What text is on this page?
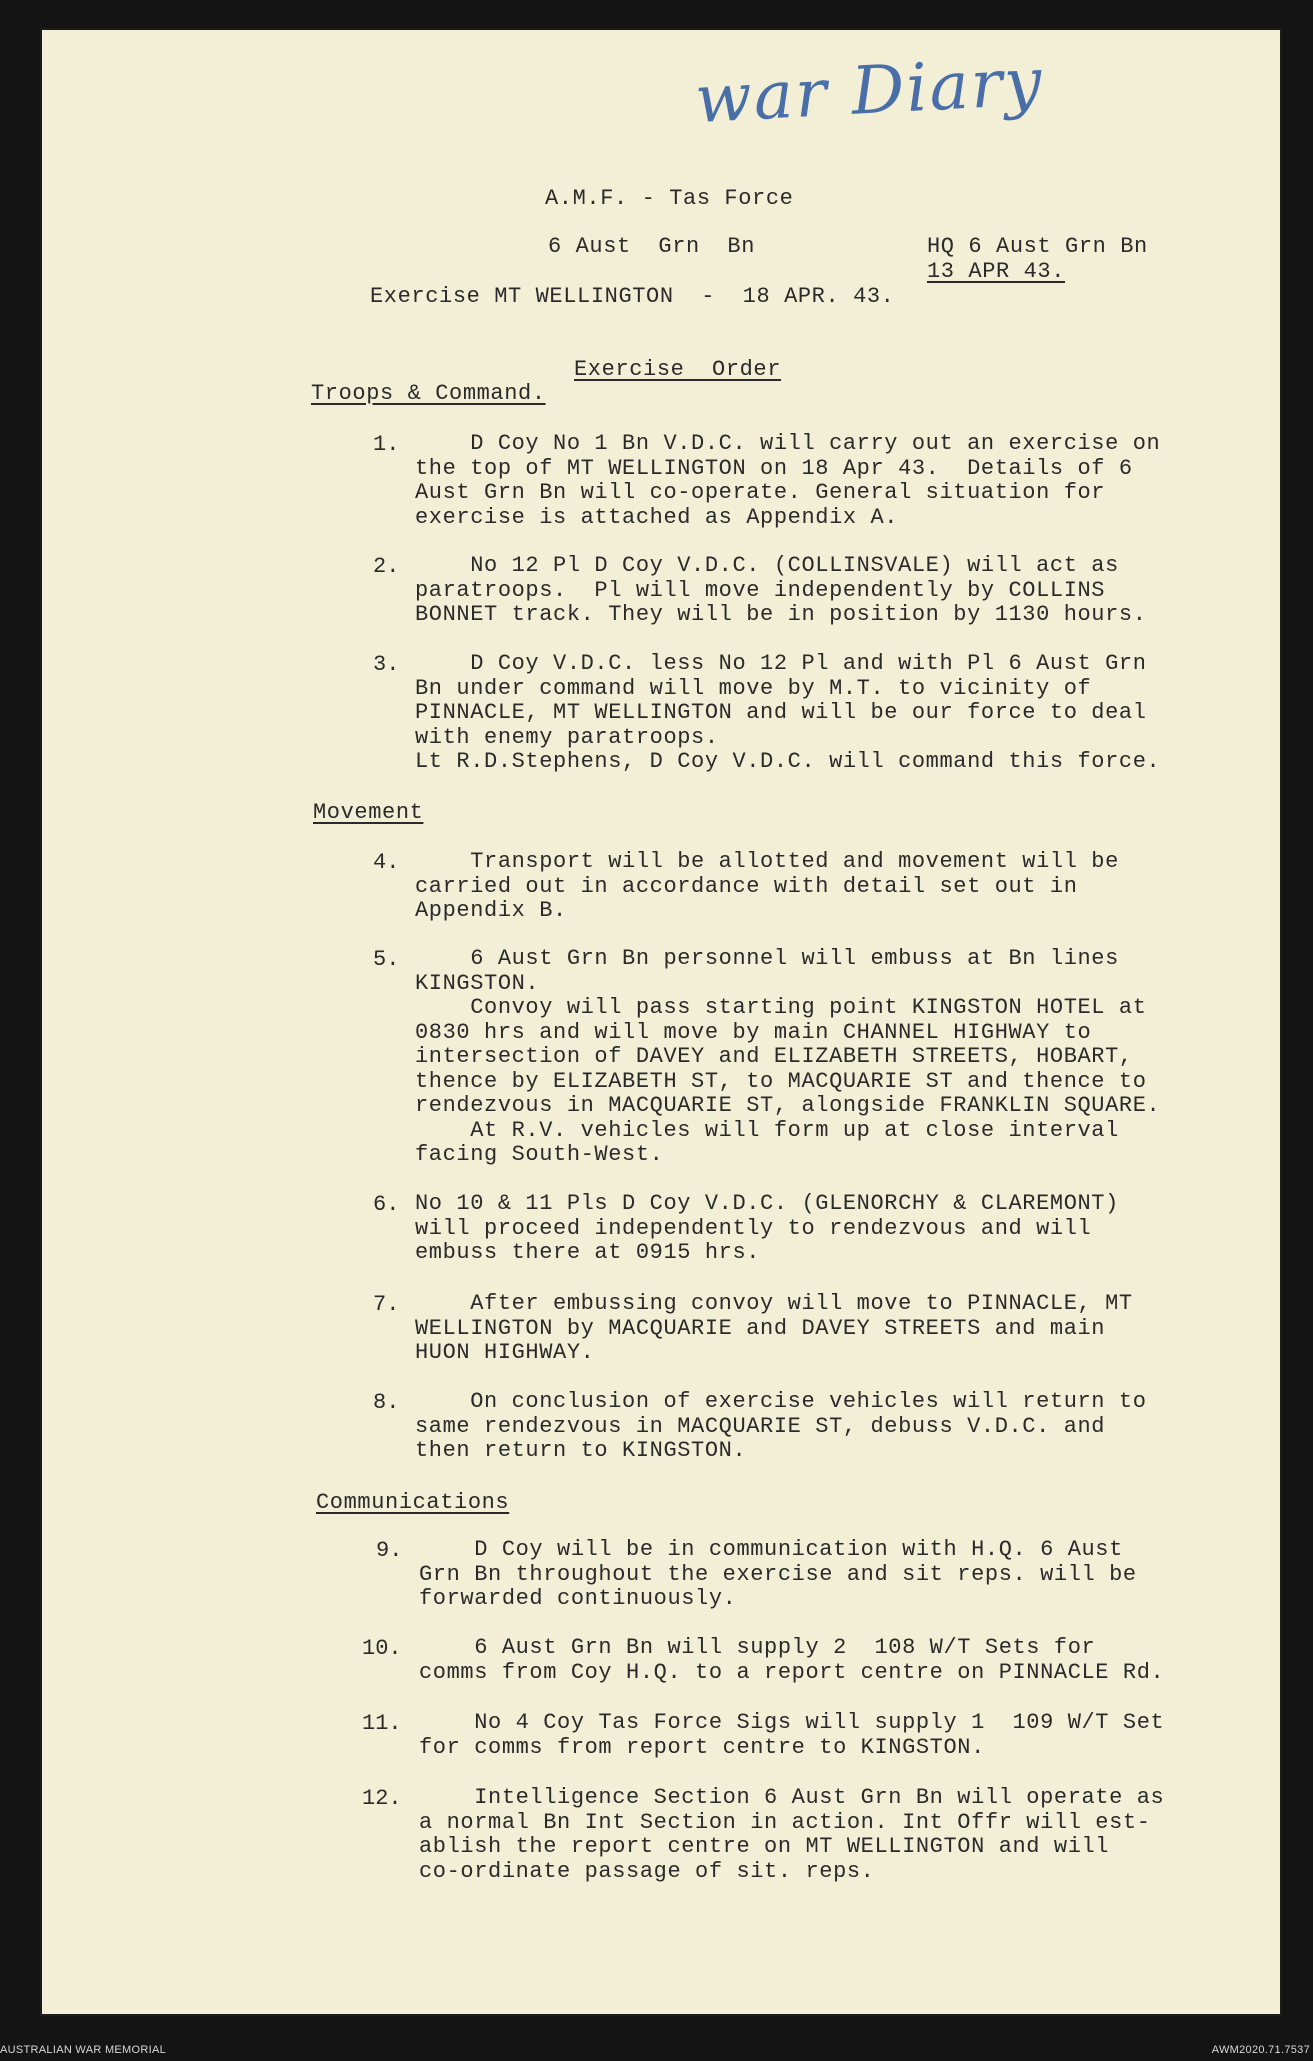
war Diary
A.M.F. - Tas Force
6 Aust  Grn  Bn	HQ 6 Aust Grn Bn
13 APR 43.
Exercise MT WELLINGTON  -  18 APR. 43.
Exercise  Order
Troops & Command.
1.	D Coy No 1 Bn V.D.C. will carry out an exercise on
the top of MT WELLINGTON on 18 Apr 43.  Details of 6
Aust Grn Bn will co-operate. General situation for
exercise is attached as Appendix A.
2.	No 12 Pl D Coy V.D.C. (COLLINSVALE) will act as
paratroops.  Pl will move independently by COLLINS
BONNET track. They will be in position by 1130 hours.
3.	D Coy V.D.C. less No 12 Pl and with Pl 6 Aust Grn
Bn under command will move by M.T. to vicinity of
PINNACLE, MT WELLINGTON and will be our force to deal
with enemy paratroops.
Lt R.D.Stephens, D Coy V.D.C. will command this force.
Movement
4.	Transport will be allotted and movement will be
carried out in accordance with detail set out in
Appendix B.
5.	6 Aust Grn Bn personnel will embuss at Bn lines
KINGSTON.
Convoy will pass starting point KINGSTON HOTEL at
0830 hrs and will move by main CHANNEL HIGHWAY to
intersection of DAVEY and ELIZABETH STREETS, HOBART,
thence by ELIZABETH ST, to MACQUARIE ST and thence to
rendezvous in MACQUARIE ST, alongside FRANKLIN SQUARE.
At R.V. vehicles will form up at close interval
facing South-West.
6. No 10 & 11 Pls D Coy V.D.C. (GLENORCHY & CLAREMONT)
will proceed independently to rendezvous and will
embuss there at 0915 hrs.
7.	After embussing convoy will move to PINNACLE, MT
WELLINGTON by MACQUARIE and DAVEY STREETS and main
HUON HIGHWAY.
8.	On conclusion of exercise vehicles will return to
same rendezvous in MACQUARIE ST, debuss V.D.C. and
then return to KINGSTON.
Communications
9.	D Coy will be in communication with H.Q. 6 Aust
Grn Bn throughout the exercise and sit reps. will be
forwarded continuously.
10.	6 Aust Grn Bn will supply 2  108 W/T Sets for
comms from Coy H.Q. to a report centre on PINNACLE Rd.
11.	No 4 Coy Tas Force Sigs will supply 1  109 W/T Set
for comms from report centre to KINGSTON.
12.	Intelligence Section 6 Aust Grn Bn will operate as
a normal Bn Int Section in action. Int Offr will est-
ablish the report centre on MT WELLINGTON and will
co-ordinate passage of sit. reps.
AUSTRALIAN WAR MEMORIAL	AWM2020.71.7537
